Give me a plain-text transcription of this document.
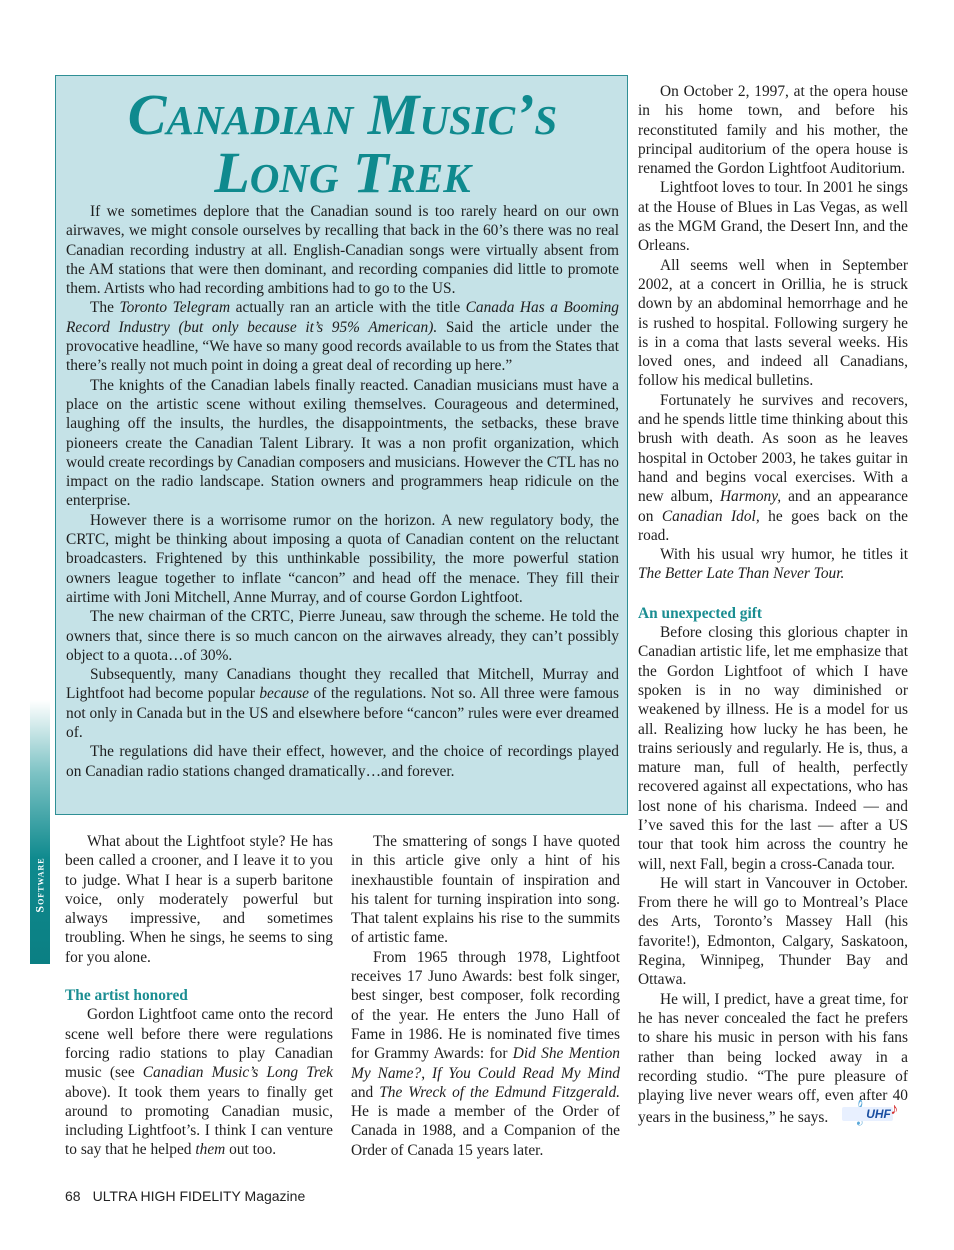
Software
Canadian Music’s
Long Trek

If we sometimes deplore that the Canadian sound is too rarely heard on our own airwaves, we might console ourselves by recalling that back in the 60’s there was no real Canadian recording industry at all. English-Canadian songs were virtually absent from the AM stations that were then dominant, and recording companies did little to promote them. Artists who had recording ambitions had to go to the US.

The Toronto Telegram actually ran an article with the title Canada Has a Booming Record Industry (but only because it’s 95% American). Said the article under the provocative headline, “We have so many good records available to us from the States that there’s really not much point in doing a great deal of recording up here.”

The knights of the Canadian labels finally reacted. Canadian musicians must have a place on the artistic scene without exiling themselves. Courageous and determined, laughing off the insults, the hurdles, the disappointments, the setbacks, these brave pioneers create the Canadian Talent Library. It was a non profit organization, which would create recordings by Canadian composers and musicians. However the CTL has no impact on the radio landscape. Station owners and programmers heap ridicule on the enterprise.

However there is a worrisome rumor on the horizon. A new regulatory body, the CRTC, might be thinking about imposing a quota of Canadian content on the reluctant broadcasters. Frightened by this unthinkable possibility, the more powerful station owners league together to inflate “cancon” and head off the menace. They fill their airtime with Joni Mitchell, Anne Murray, and of course Gordon Lightfoot.

The new chairman of the CRTC, Pierre Juneau, saw through the scheme. He told the owners that, since there is so much cancon on the airwaves already, they can’t possibly object to a quota…of 30%.

Subsequently, many Canadians thought they recalled that Mitchell, Murray and Lightfoot had become popular because of the regulations. Not so. All three were famous not only in Canada but in the US and elsewhere before “cancon” rules were ever dreamed of.

The regulations did have their effect, however, and the choice of recordings played on Canadian radio stations changed dramatically…and forever.

What about the Lightfoot style? He has been called a crooner, and I leave it to you to judge. What I hear is a superb baritone voice, only moderately powerful but always impressive, and sometimes troubling. When he sings, he seems to sing for you alone.

The artist honored

Gordon Lightfoot came onto the record scene well before there were regulations forcing radio stations to play Canadian music (see Canadian Music’s Long Trek above). It took them years to finally get around to promoting Canadian music, including Lightfoot’s. I think I can venture to say that he helped them out too.

The smattering of songs I have quoted in this article give only a hint of his inexhaustible fountain of inspiration and his talent for turning inspiration into song. That talent explains his rise to the summits of artistic fame.

From 1965 through 1978, Lightfoot receives 17 Juno Awards: best folk singer, best singer, best composer, folk recording of the year. He enters the Juno Hall of Fame in 1986. He is nominated five times for Grammy Awards: for Did She Mention My Name?, If You Could Read My Mind and The Wreck of the Edmund Fitzgerald. He is made a member of the Order of Canada in 1988, and a Companion of the Order of Canada 15 years later.

On October 2, 1997, at the opera house in his home town, and before his reconstituted family and his mother, the principal auditorium of the opera house is renamed the Gordon Lightfoot Auditorium.

Lightfoot loves to tour. In 2001 he sings at the House of Blues in Las Vegas, as well as the MGM Grand, the Desert Inn, and the Orleans.

All seems well when in September 2002, at a concert in Orillia, he is struck down by an abdominal hemorrhage and he is rushed to hospital. Following surgery he is in a coma that lasts several weeks. His loved ones, and indeed all Canadians, follow his medical bulletins.

Fortunately he survives and recovers, and he spends little time thinking about this brush with death. As soon as he leaves hospital in October 2003, he takes guitar in hand and begins vocal exercises. With a new album, Harmony, and an appearance on Canadian Idol, he goes back on the road.

With his usual wry humor, he titles it The Better Late Than Never Tour.

An unexpected gift

Before closing this glorious chapter in Canadian artistic life, let me emphasize that the Gordon Lightfoot of which I have spoken is in no way diminished or weakened by illness. He is a model for us all. Realizing how lucky he has been, he trains seriously and regularly. He is, thus, a mature man, full of health, perfectly recovered against all expectations, who has lost none of his charisma. Indeed — and I’ve saved this for the last — after a US tour that took him across the country he will, next Fall, begin a cross-Canada tour.

He will start in Vancouver in October. From there he will go to Montreal’s Place des Arts, Toronto’s Massey Hall (his favorite!), Edmonton, Calgary, Saskatoon, Regina, Winnipeg, Thunder Bay and Ottawa.

He will, I predict, have a great time, for he has never concealed the fact he prefers to share his music in person with his fans rather than being locked away in a recording studio. “The pure pleasure of playing live never wears off, even after 40 years in the business,” he says.	UHF ♪

68 ULTRA HIGH FIDELITY Magazine
